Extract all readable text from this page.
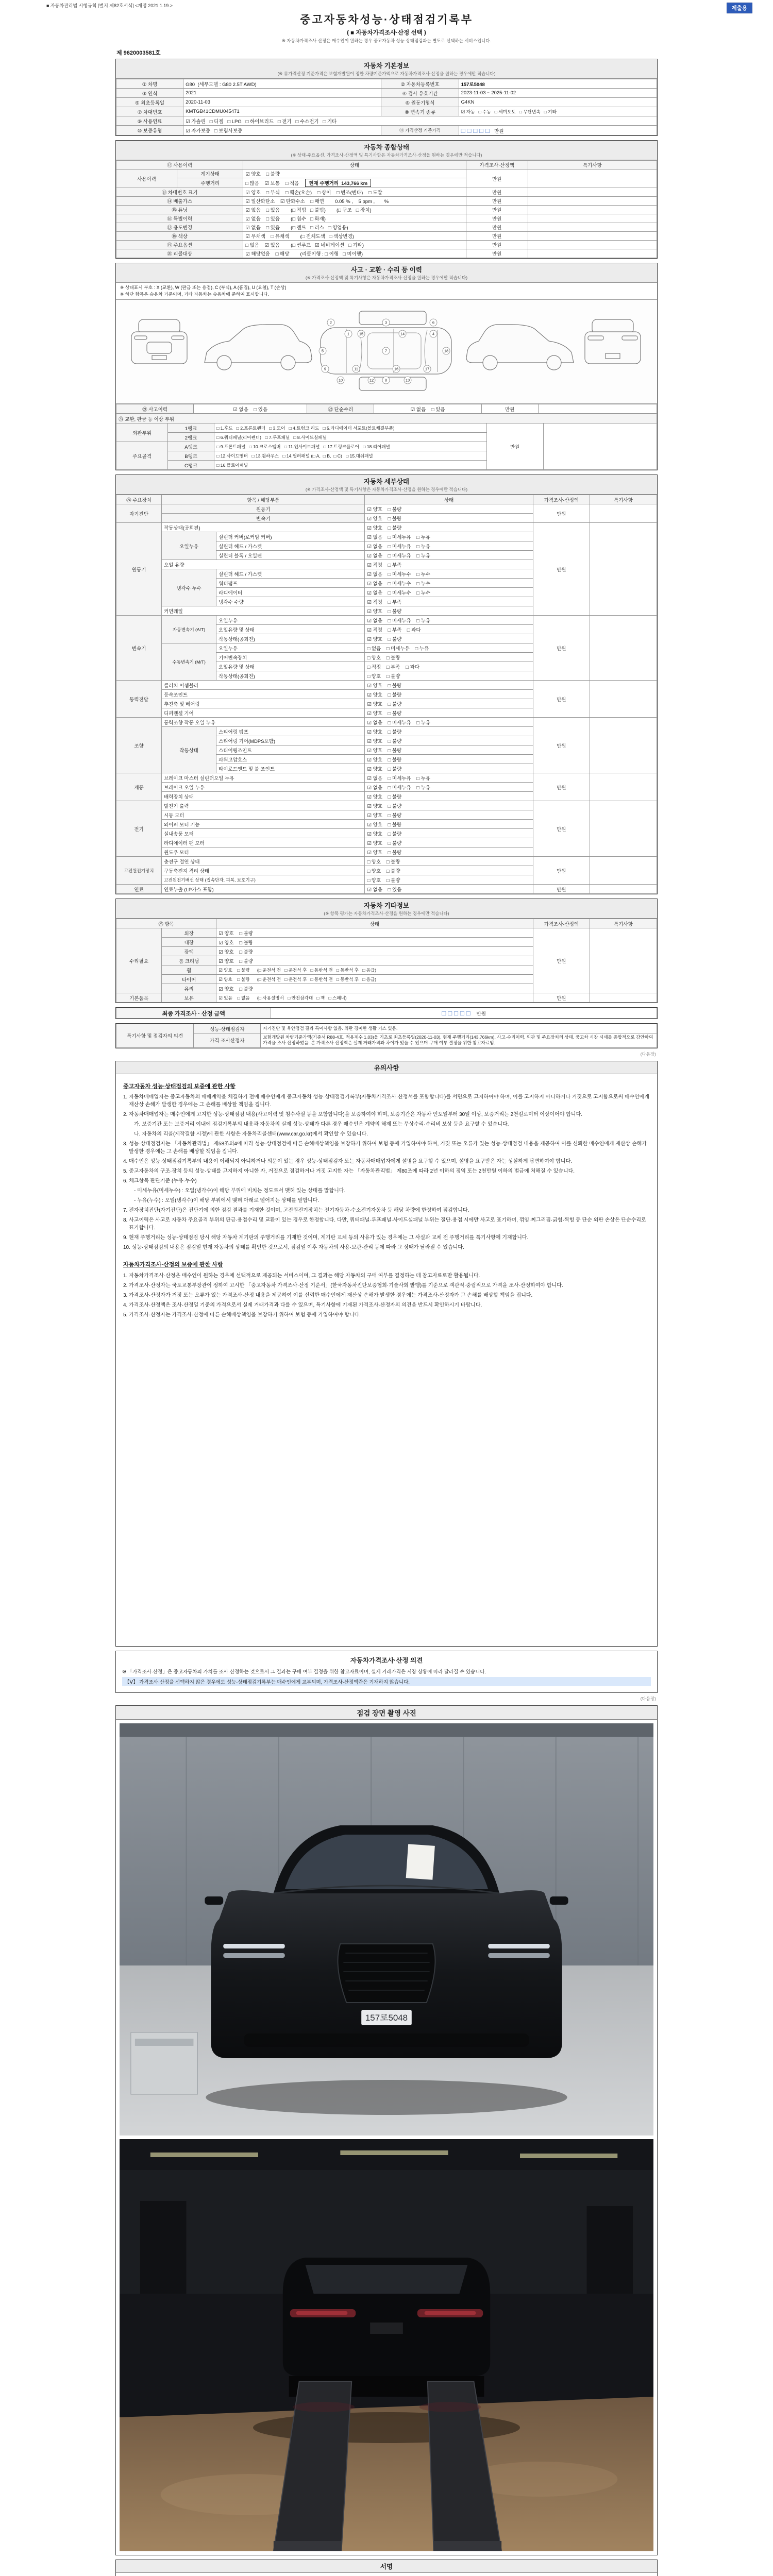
■ 자동차관리법 시행규칙 [별지 제82호서식] <개정 2021.1.19.>	제출용
중고자동차성능·상태점검기록부
( ■ 자동차가격조사·산정 선택 )
※ 자동차가격조사·산정은 매수인이 원하는 경우 중고자동차 성능·상태점검과는 별도로 선택하는 서비스입니다.
제 9620003581호
자동차 기본정보
(※ ⑪가격산정 기준가격은 보험개발원이 정한 차량기준가액으로 자동차가격조사·산정을 원하는 경우에만 적습니다)
① 차명	G80  (세부모델 : G80 2.5T AWD)	② 자동차등록번호	157로5048
③ 연식	2021	④ 검사 유효기간	2023-11-03 ~ 2025-11-02
⑤ 최초등록일	2020-11-03	⑥ 원동기형식	G4KN
⑦ 차대번호	KMTGB41CDMU045471	⑧ 변속기 종류	☑ 자동   □ 수동   □ 세미오토   □ 무단변속   □ 기타
⑨ 사용연료	☑ 가솔린   □ 디젤   □ LPG   □ 하이브리드   □ 전기   □ 수소전기   □ 기타		
⑩ 보증유형	☑ 자가보증   □ 보험사보증	⑪ 가격산정 기준가격	□□□□□  만원
자동차 종합상태
(※ 상태·주요옵션, 가격조사·산정액 및 특기사항은 자동차가격조사·산정을 원하는 경우에만 적습니다)
⑫ 사용이력		상태	가격조사·산정액	특기사항
사용이력	계기상태	☑ 양호    □ 불량	만원	
	주행거리	□ 많음    ☑ 보통    □ 적음 현재 주행거리  143,766 km		
⑬ 차대번호 표기		☑ 양호    □ 부식    □ 훼손(오손)    □ 상이    □ 변조(변타)    □ 도말	만원	
⑭ 배출가스		☑ 일산화탄소    ☑ 탄화수소    □ 매연        0.05 % ,    5 ppm ,       %	만원	
⑮ 튜닝		☑ 없음    □ 있음        (□ 적법   □ 불법)        (□ 구조   □ 장치)	만원	
⑯ 특별이력		☑ 없음    □ 있음        (□ 침수   □ 화재)	만원	
⑰ 용도변경		☑ 없음    □ 있음        (□ 렌트   □ 리스   □ 영업용)	만원	
⑱ 색상		☑ 무채색    □ 유채색        (□ 전체도색   □ 색상변경)	만원	
⑲ 주요옵션		□ 없음    ☑ 있음        (□ 썬루프   ☑ 네비게이션   □ 기타)	만원	
⑳ 리콜대상		☑ 해당없음    □ 해당        (리콜이행 : □ 이행   □ 미이행)	만원	
사고 · 교환 · 수리 등 이력
(※ 가격조사·산정액 및 특기사항은 자동차가격조사·산정을 원하는 경우에만 적습니다)
※ 상태표시 부호 : X (교환), W (판금 또는 용접), C (부식), A (흠집), U (요철), T (손상)
※ 하단 항목은 승용차 기준이며, 기타 자동차는 승용차에 준하여 표시합니다.
1
2	3
4
5
6
7
8
9
10
11
12	13
14
15
16	17
18
㉑ 사고이력	☑ 없음    □ 있음	㉒ 단순수리	☑ 없음    □ 있음	만원	
㉓ 교환, 판금 등 이상 부위				
외판부위	1랭크	□ 1.후드   □ 2.프론트펜더   □ 3.도어   □ 4.트렁크 리드   □ 5.라디에이터 서포트(볼트체결부품)	만원	
	2랭크	□ 6.쿼터패널(리어펜더)   □ 7.루프패널   □ 8.사이드실패널		
주요골격	A랭크	□ 9.프론트패널   □ 10.크로스멤버   □ 11.인사이드패널   □ 17.트렁크플로어   □ 18.리어패널		
	B랭크	□ 12.사이드멤버   □ 13.휠하우스   □ 14.필러패널 (□ A,  □ B,  □ C)   □ 15.대쉬패널		
	C랭크	□ 16.플로어패널		
자동차 세부상태
(※ 가격조사·산정액 및 특기사항은 자동차가격조사·산정을 원하는 경우에만 적습니다)
㉔ 주요장치	항목 / 해당부품		상태	가격조사·산정액	특기사항
자기진단	원동기		☑ 양호    □ 불량	만원	
	변속기		☑ 양호    □ 불량		
원동기	작동상태(공회전)		☑ 양호    □ 불량	만원	
	오일누유	실린더 커버(로커암 커버)	☑ 없음    □ 미세누유    □ 누유		
		실린더 헤드 / 가스켓	☑ 없음    □ 미세누유    □ 누유		
		실린더 블록 / 오일팬	☑ 없음    □ 미세누유    □ 누유		
	오일 유량		☑ 적정    □ 부족		
	냉각수 누수	실린더 헤드 / 가스켓	☑ 없음    □ 미세누수    □ 누수		
		워터펌프	☑ 없음    □ 미세누수    □ 누수		
		라디에이터	☑ 없음    □ 미세누수    □ 누수		
		냉각수 수량	☑ 적정    □ 부족		
	커먼레일		☑ 양호    □ 불량		
변속기	자동변속기 (A/T)	오일누유	☑ 없음    □ 미세누유    □ 누유	만원	
		오일유량 및 상태	☑ 적정    □ 부족    □ 과다		
		작동상태(공회전)	☑ 양호    □ 불량		
	수동변속기 (M/T)	오일누유	□ 없음    □ 미세누유    □ 누유		
		기어변속장치	□ 양호    □ 불량		
		오일유량 및 상태	□ 적정    □ 부족    □ 과다		
		작동상태(공회전)	□ 양호    □ 불량		
동력전달	클러치 어셈블리		☑ 양호    □ 불량	만원	
	등속조인트		☑ 양호    □ 불량		
	추진축 및 베어링		☑ 양호    □ 불량		
	디퍼렌셜 기어		☑ 양호    □ 불량		
조향	동력조향 작동 오일 누유		☑ 없음    □ 미세누유    □ 누유	만원	
	작동상태	스티어링 펌프	☑ 양호    □ 불량		
		스티어링 기어(MDPS포함)	☑ 양호    □ 불량		
		스티어링조인트	☑ 양호    □ 불량		
		파워고압호스	☑ 양호    □ 불량		
		타이로드엔드 및 볼 조인트	☑ 양호    □ 불량		
제동	브레이크 마스터 실린더오일 누유		☑ 없음    □ 미세누유    □ 누유	만원	
	브레이크 오일 누유		☑ 없음    □ 미세누유    □ 누유		
	배력장치 상태		☑ 양호    □ 불량		
전기	발전기 출력		☑ 양호    □ 불량	만원	
	시동 모터		☑ 양호    □ 불량		
	와이퍼 모터 기능		☑ 양호    □ 불량		
	실내송풍 모터		☑ 양호    □ 불량		
	라디에이터 팬 모터		☑ 양호    □ 불량		
	윈도우 모터		☑ 양호    □ 불량		
고전원전기장치	충전구 절연 상태		□ 양호    □ 불량	만원	
	구동축전지 격리 상태		□ 양호    □ 불량		
	고전원전기배선 상태 (접속단자, 피복, 보호기구)		□ 양호    □ 불량		
연료	연료누출 (LP가스 포함)		☑ 없음    □ 있음	만원	
자동차 기타정보
(※ 항목 평가는 자동차가격조사·산정을 원하는 경우에만 적습니다)
㉕ 항목		상태	가격조사·산정액	특기사항
수리필요	외장	☑ 양호    □ 불량	만원	
	내장	☑ 양호    □ 불량		
	광택	☑ 양호    □ 불량		
	룸 크리닝	☑ 양호    □ 불량		
	휠	☑ 양호    □ 불량      (□ 운전석 전   □ 운전석 후   □ 동반석 전   □ 동반석 후   □ 응급)		
	타이어	☑ 양호    □ 불량      (□ 운전석 전   □ 운전석 후   □ 동반석 전   □ 동반석 후   □ 응급)		
	유리	☑ 양호    □ 불량		
기본품목	보유	☑ 있음    □ 없음      (□ 사용설명서   □ 안전삼각대   □ 잭   □ 스패너)	만원	
최종 가격조사 · 산정 금액	□□□□□   만원
특기사항 및 점검자의 의견	성능·상태점검자	자기진단 및 육안점검 결과 특이사항 없음. 외판 경미한 생활 기스 있음.
	가격·조사산정자	보험개발원 차량기준가액(기준서 R88-4호, 적용계수 1.03)을 기초로 최초등록일(2020-11-03), 현재 주행거리(143,766km), 사고·수리이력, 외관 및 주요장치의 상태, 중고차 시장 시세를 종합적으로 감안하여 가격을 조사·산정하였음. 본 가격조사·산정액은 실제 거래가격과 차이가 있을 수 있으며 구매 여부 결정을 위한 참고자료임.
(다음장)
유의사항
중고자동차 성능·상태점검의 보증에 관한 사항
1. 자동차매매업자는 중고자동차의 매매계약을 체결하기 전에 매수인에게 중고자동차 성능·상태점검기록부(자동차가격조사·산정서를 포함합니다)를 서면으로 고지하여야 하며, 이를 고지하지 아니하거나 거짓으로 고지함으로써 매수인에게 재산상 손해가 발생한 경우에는 그 손해를 배상할 책임을 집니다.
2. 자동차매매업자는 매수인에게 고지한 성능·상태점검 내용(사고이력 및 침수사실 등을 포함합니다)을 보증하여야 하며, 보증기간은 자동차 인도일부터 30일 이상, 보증거리는 2천킬로미터 이상이어야 합니다.
가. 보증기간 또는 보증거리 이내에 점검기록부의 내용과 자동차의 실제 성능·상태가 다른 경우 매수인은 계약의 해제 또는 무상수리·수리비 보상 등을 요구할 수 있습니다.
나. 자동차의 리콜(제작결함 시정)에 관한 사항은 자동차리콜센터(www.car.go.kr)에서 확인할 수 있습니다.
3. 성능·상태점검자는 「자동차관리법」 제58조의4에 따라 성능·상태점검에 따른 손해배상책임을 보장하기 위하여 보험 등에 가입하여야 하며, 거짓 또는 오류가 있는 성능·상태점검 내용을 제공하여 이를 신뢰한 매수인에게 재산상 손해가 발생한 경우에는 그 손해를 배상할 책임을 집니다.
4. 매수인은 성능·상태점검기록부의 내용이 이해되지 아니하거나 의문이 있는 경우 성능·상태점검자 또는 자동차매매업자에게 설명을 요구할 수 있으며, 설명을 요구받은 자는 성실하게 답변하여야 합니다.
5. 중고자동차의 구조·장치 등의 성능·상태를 고지하지 아니한 자, 거짓으로 점검하거나 거짓 고지한 자는 「자동차관리법」 제80조에 따라 2년 이하의 징역 또는 2천만원 이하의 벌금에 처해질 수 있습니다.
6. 체크항목 판단기준 (누유·누수)
- 미세누유(미세누수) : 오일(냉각수)이 해당 부위에 비치는 정도로서 맺혀 있는 상태를 말합니다.
- 누유(누수) : 오일(냉각수)이 해당 부위에서 맺혀 아래로 떨어지는 상태를 말합니다.
7. 전자장치진단(자기진단)은 진단기에 의한 점검 결과를 기재한 것이며, 고전원전기장치는 전기자동차·수소전기자동차 등 해당 차량에 한정하여 점검합니다.
8. 사고이력은 사고로 자동차 주요골격 부위의 판금·용접수리 및 교환이 있는 경우로 한정합니다. 다만, 쿼터패널·루프패널·사이드실패널 부위는 절단·용접 시에만 사고로 표기하며, 꺾임·찌그러짐·긁힘·찍힘 등 단순 외판 손상은 단순수리로 표기합니다.
9. 현재 주행거리는 성능·상태점검 당시 해당 자동차 계기판의 주행거리를 기재한 것이며, 계기판 교체 등의 사유가 있는 경우에는 그 사실과 교체 전 주행거리를 특기사항에 기재합니다.
10. 성능·상태점검의 내용은 점검일 현재 자동차의 상태를 확인한 것으로서, 점검일 이후 자동차의 사용·보관·관리 등에 따라 그 상태가 달라질 수 있습니다.
자동차가격조사·산정의 보증에 관한 사항
1. 자동차가격조사·산정은 매수인이 원하는 경우에 선택적으로 제공되는 서비스이며, 그 결과는 해당 자동차의 구매 여부를 결정하는 데 참고자료로만 활용됩니다.
2. 가격조사·산정자는 국토교통부장관이 정하여 고시한 「중고자동차 가격조사·산정 기준서」(한국자동차진단보증협회·기술사회 발행)를 기준으로 객관적·중립적으로 가격을 조사·산정하여야 합니다.
3. 가격조사·산정자가 거짓 또는 오류가 있는 가격조사·산정 내용을 제공하여 이를 신뢰한 매수인에게 재산상 손해가 발생한 경우에는 가격조사·산정자가 그 손해를 배상할 책임을 집니다.
4. 가격조사·산정액은 조사·산정일 기준의 가격으로서 실제 거래가격과 다를 수 있으며, 특기사항에 기재된 가격조사·산정자의 의견을 반드시 확인하시기 바랍니다.
5. 가격조사·산정자는 가격조사·산정에 따른 손해배상책임을 보장하기 위하여 보험 등에 가입하여야 합니다.
자동차가격조사·산정 의견
※ 「가격조사·산정」은 중고자동차의 가치를 조사·산정하는 것으로서 그 결과는 구매 여부 결정을 위한 참고자료이며, 실제 거래가격은 시장 상황에 따라 달라질 수 있습니다.
【Ⅴ】 가격조사·산정을 선택하지 않은 경우에도 성능·상태점검기록부는 매수인에게 교부되며, 가격조사·산정액란은 기재하지 않습니다.
(다음장)
점검 장면 촬영 사진
157로5048
서명
